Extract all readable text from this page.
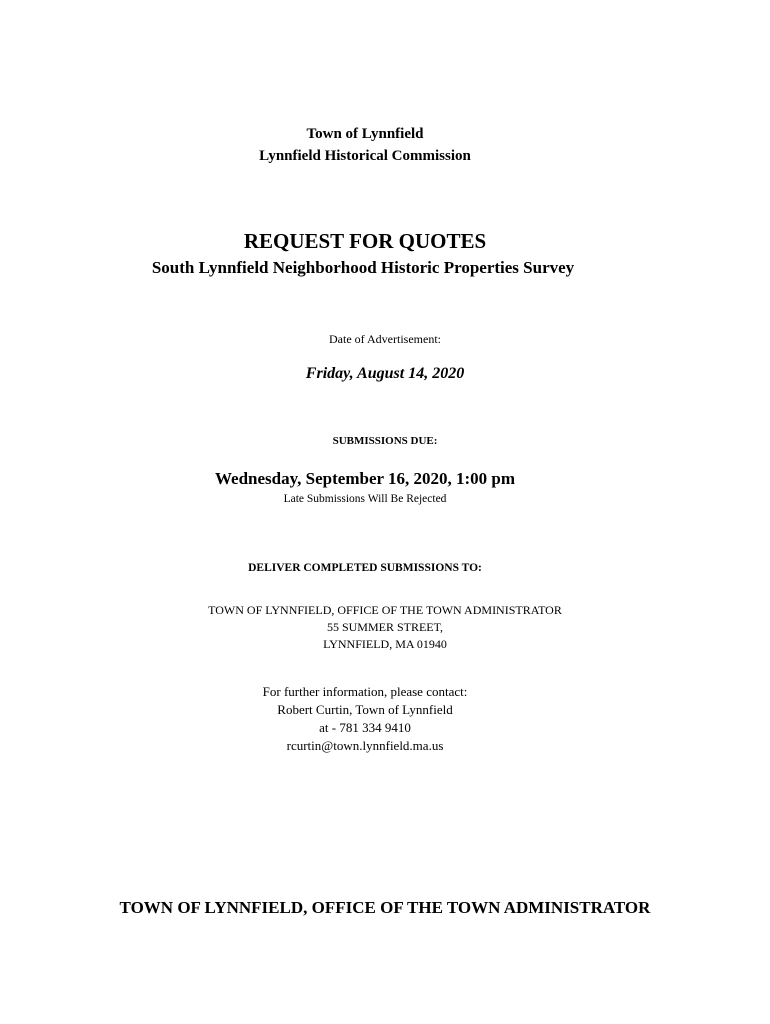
Town of Lynnfield
Lynnfield Historical Commission
REQUEST FOR QUOTES
South Lynnfield Neighborhood Historic Properties Survey
Date of Advertisement:
Friday, August 14, 2020
SUBMISSIONS DUE:
Wednesday, September 16, 2020, 1:00 pm
Late Submissions Will Be Rejected
DELIVER COMPLETED SUBMISSIONS TO:
TOWN OF LYNNFIELD, OFFICE OF THE TOWN ADMINISTRATOR
55 SUMMER STREET,
LYNNFIELD, MA 01940
For further information, please contact:
Robert Curtin, Town of Lynnfield
at - 781 334 9410
rcurtin@town.lynnfield.ma.us
TOWN OF LYNNFIELD, OFFICE OF THE TOWN ADMINISTRATOR
